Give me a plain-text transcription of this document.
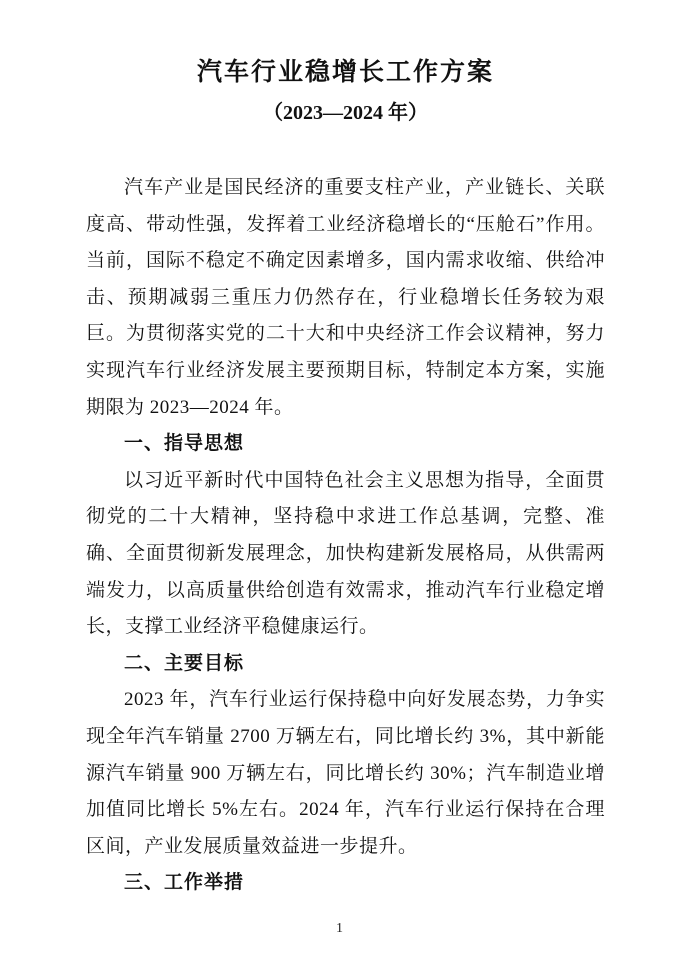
汽车行业稳增长工作方案
（2023—2024 年）

汽车产业是国民经济的重要支柱产业，产业链长、关联度高、带动性强，发挥着工业经济稳增长的“压舱石”作用。当前，国际不稳定不确定因素增多，国内需求收缩、供给冲击、预期减弱三重压力仍然存在，行业稳增长任务较为艰巨。为贯彻落实党的二十大和中央经济工作会议精神，努力实现汽车行业经济发展主要预期目标，特制定本方案，实施期限为 2023—2024 年。

一、指导思想

以习近平新时代中国特色社会主义思想为指导，全面贯彻党的二十大精神，坚持稳中求进工作总基调，完整、准确、全面贯彻新发展理念，加快构建新发展格局，从供需两端发力，以高质量供给创造有效需求，推动汽车行业稳定增长，支撑工业经济平稳健康运行。

二、主要目标

2023 年，汽车行业运行保持稳中向好发展态势，力争实现全年汽车销量 2700 万辆左右，同比增长约 3%，其中新能源汽车销量 900 万辆左右，同比增长约 30%；汽车制造业增加值同比增长 5%左右。2024 年，汽车行业运行保持在合理区间，产业发展质量效益进一步提升。

三、工作举措

1
